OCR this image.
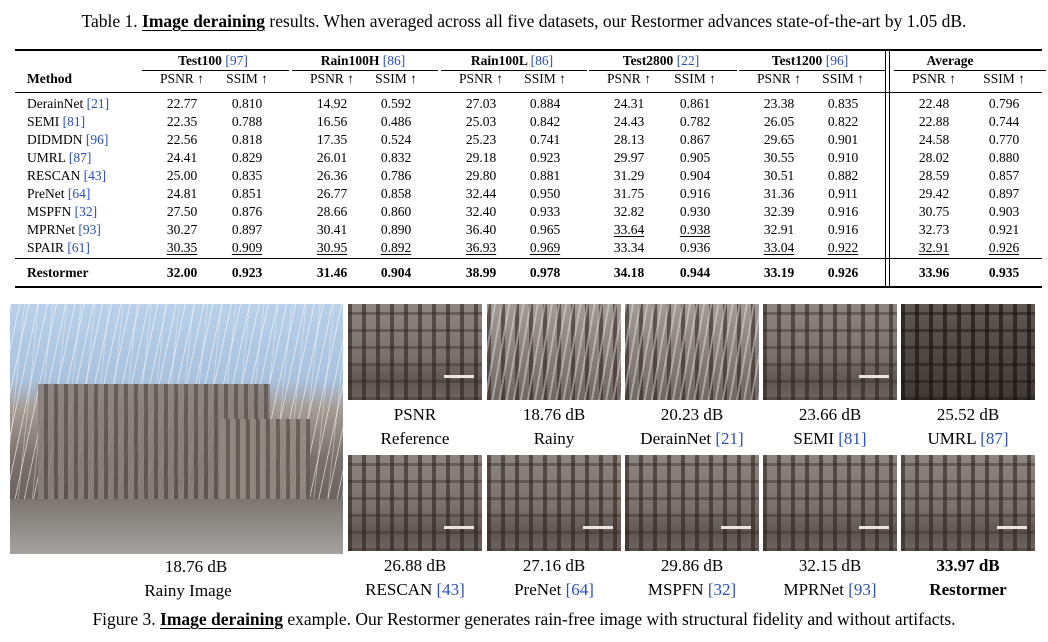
Table 1. Image deraining results. When averaged across all five datasets, our Restormer advances state-of-the-art by 1.05 dB.
Test100 [97]	Rain100H [86]	Rain100L [86]	Test2800 [22]	Test1200 [96]	Average
Method	PSNR ↑ SSIM ↑	PSNR ↑ SSIM ↑	PSNR ↑ SSIM ↑	PSNR ↑ SSIM ↑	PSNR ↑ SSIM ↑	PSNR ↑ SSIM ↑
DerainNet [21]	22.77	0.810	14.92 0.592	27.03 0.884	24.31	0.861	23.38 0.835	22.48	0.796
SEMI [81]	22.35	0.788	16.56 0.486	25.03 0.842	24.43	0.782	26.05 0.822	22.88	0.744
DIDMDN [96]	22.56	0.818	17.35 0.524	25.23 0.741	28.13	0.867	29.65 0.901	24.58	0.770
UMRL [87]	24.41	0.829	26.01 0.832	29.18 0.923	29.97	0.905	30.55 0.910	28.02	0.880
RESCAN [43]	25.00	0.835	26.36 0.786	29.80 0.881	31.29	0.904	30.51 0.882	28.59	0.857
PreNet [64]	24.81	0.851	26.77 0.858	32.44 0.950	31.75	0.916	31.36	0.911	29.42	0.897
MSPFN [32]	27.50	0.876	28.66 0.860	32.40 0.933	32.82	0.930	32.39 0.916	30.75	0.903
MPRNet [93]	30.27	0.897	30.41 0.890	36.40 0.965	33.64	0.938	32.91 0.916	32.73	0.921
SPAIR [61]	30.35	0.909	30.95 0.892	36.93 0.969	33.34	0.936	33.04 0.922	32.91	0.926
Restormer	32.00	0.923	31.46 0.904	38.99 0.978	34.18	0.944	33.19 0.926	33.96	0.935
18.76 dB
Rainy Image
PSNR
Reference
18.76 dB
Rainy
20.23 dB
DerainNet [21]
23.66 dB
SEMI [81]
25.52 dB
UMRL [87]
26.88 dB
RESCAN [43]
27.16 dB
PreNet [64]
29.86 dB
MSPFN [32]
32.15 dB
MPRNet [93]
33.97 dB
Restormer
Figure 3. Image deraining example. Our Restormer generates rain-free image with structural fidelity and without artifacts.
